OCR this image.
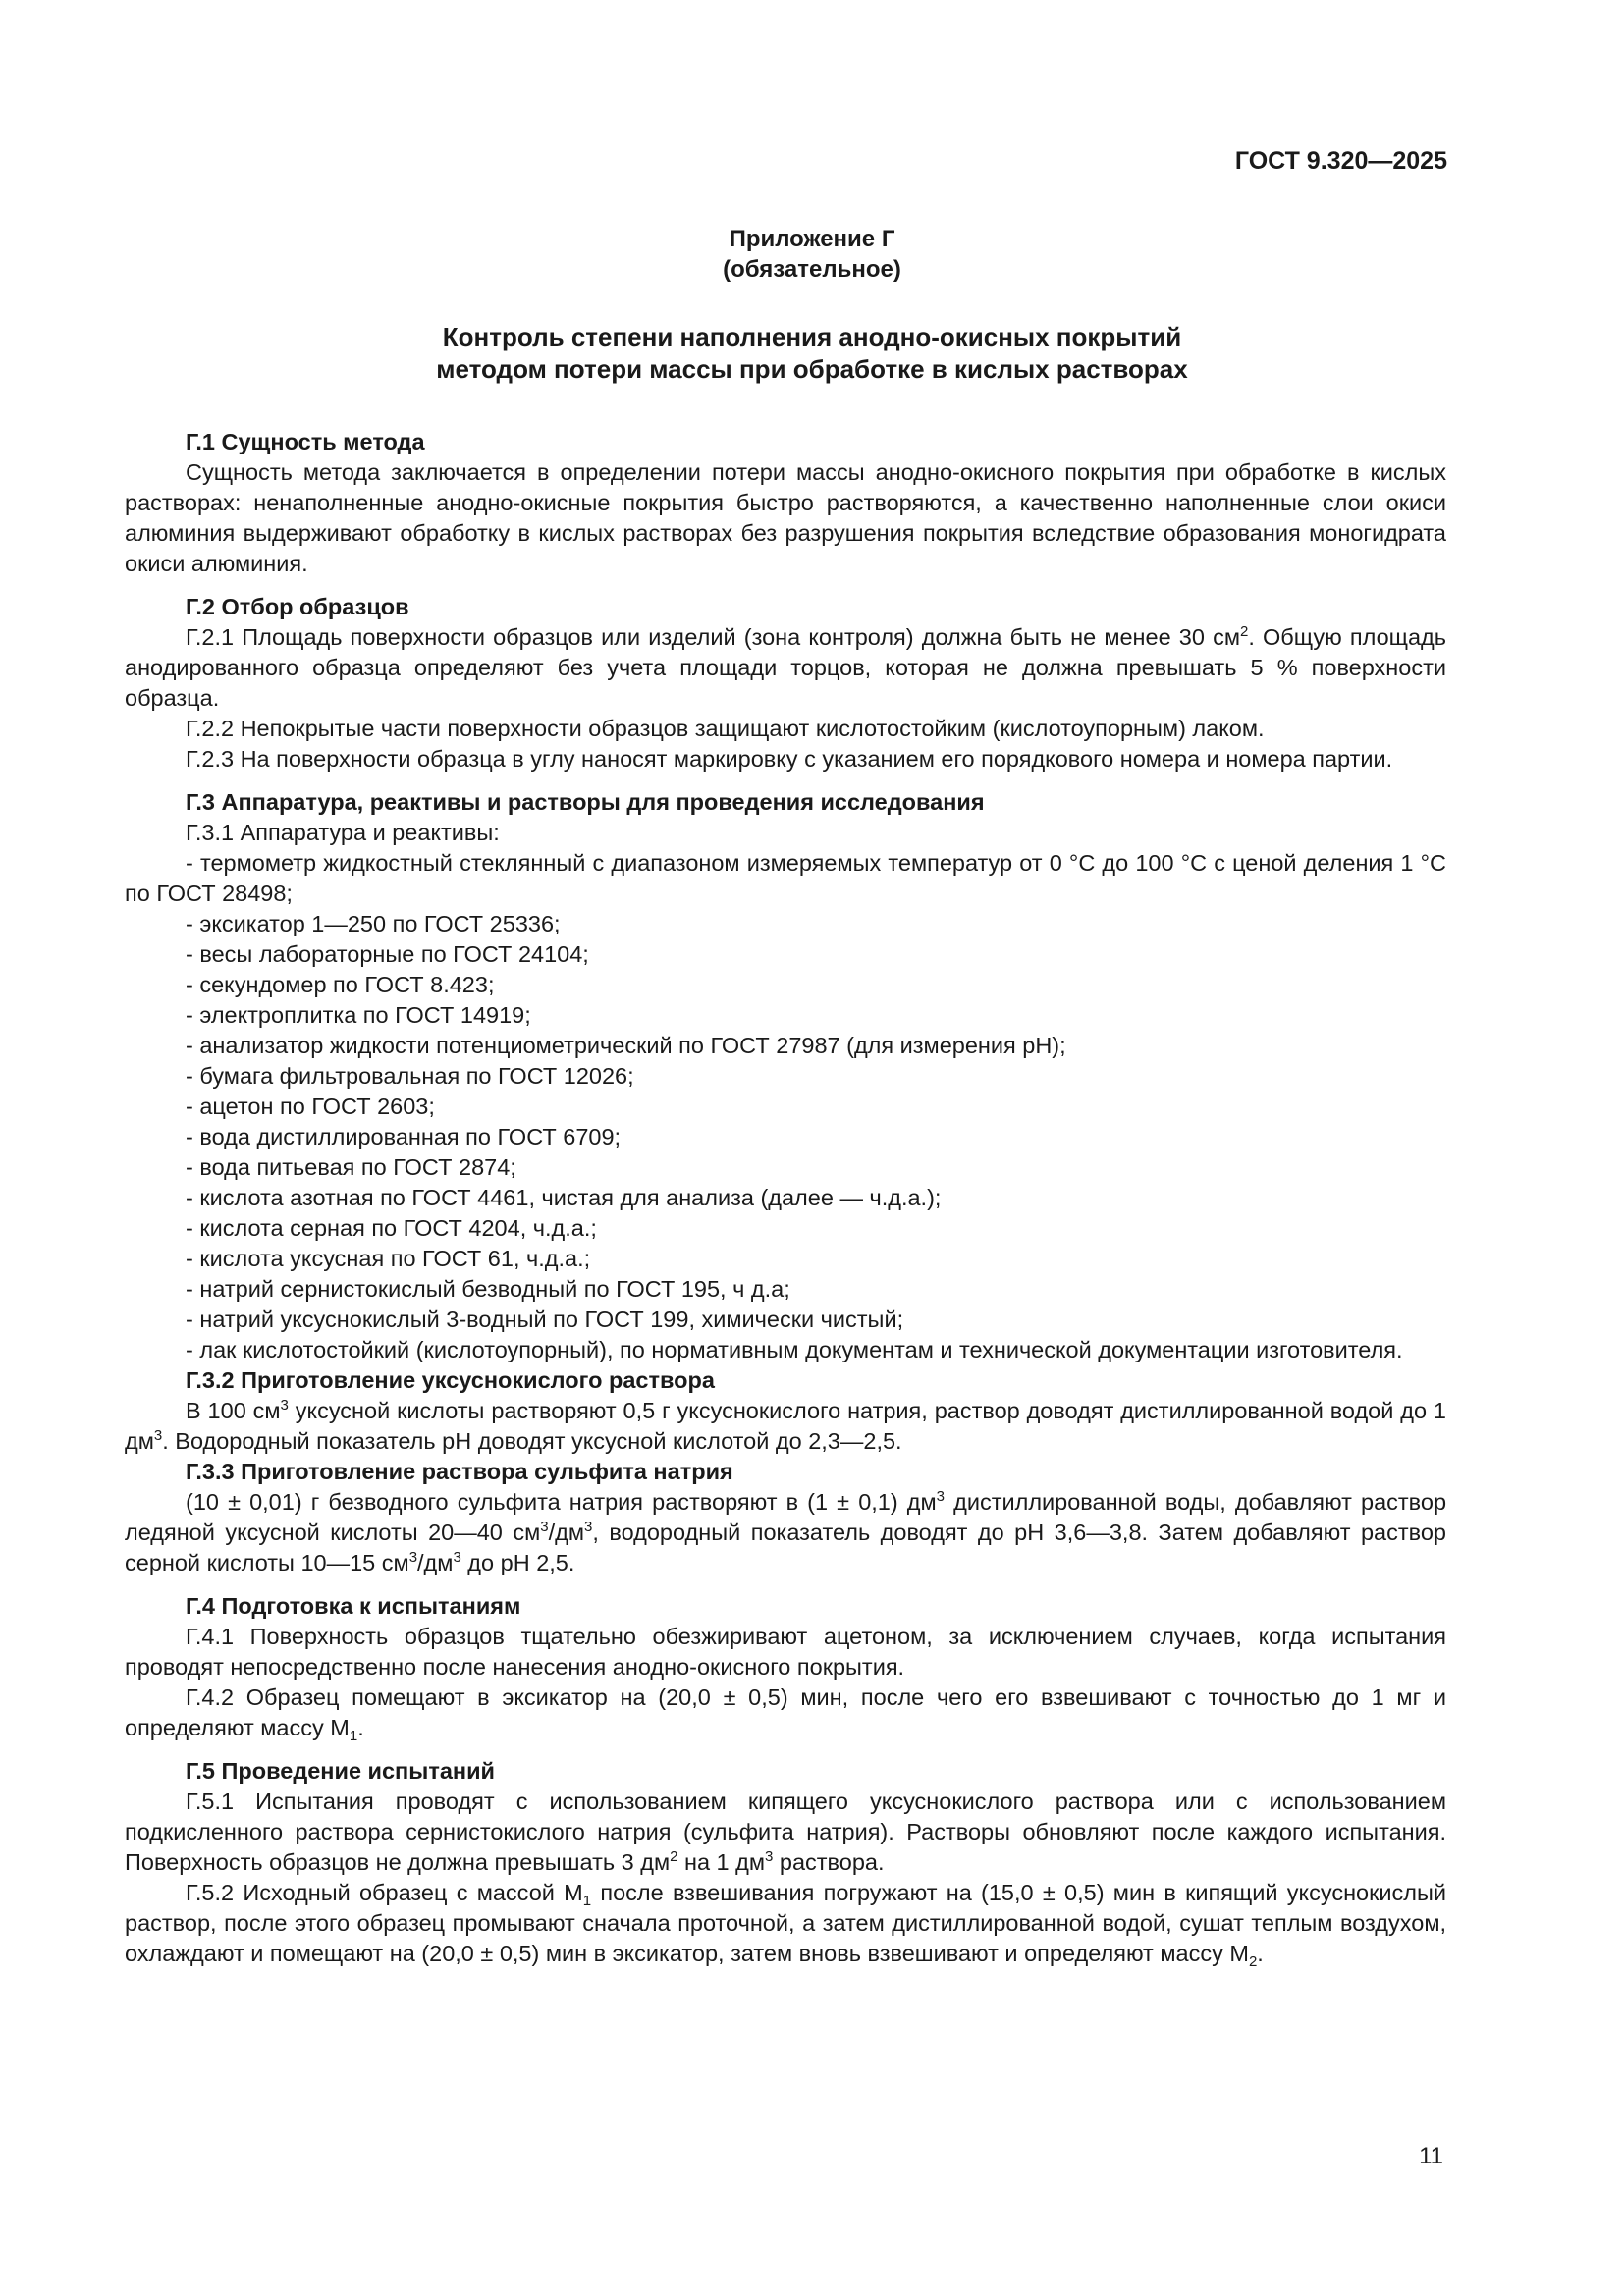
ГОСТ 9.320—2025
Приложение Г
(обязательное)
Контроль степени наполнения анодно-окисных покрытий
методом потери массы при обработке в кислых растворах
Г.1 Сущность метода

Сущность метода заключается в определении потери массы анодно-окисного покрытия при обработке в кислых растворах: ненаполненные анодно-окисные покрытия быстро растворяются, а качественно наполненные слои окиси алюминия выдерживают обработку в кислых растворах без разрушения покрытия вследствие образования моногидрата окиси алюминия.

Г.2 Отбор образцов

Г.2.1 Площадь поверхности образцов или изделий (зона контроля) должна быть не менее 30 $см^2$. Общую площадь анодированного образца определяют без учета площади торцов, которая не должна превышать 5 % поверхности образца.

Г.2.2 Непокрытые части поверхности образцов защищают кислотостойким (кислотоупорным) лаком.

Г.2.3 На поверхности образца в углу наносят маркировку с указанием его порядкового номера и номера партии.

Г.3 Аппаратура, реактивы и растворы для проведения исследования

Г.3.1 Аппаратура и реактивы:

- термометр жидкостный стеклянный с диапазоном измеряемых температур от 0 °С до 100 °С с ценой деления 1 °С по ГОСТ 28498;

- эксикатор 1—250 по ГОСТ 25336;

- весы лабораторные по ГОСТ 24104;

- секундомер по ГОСТ 8.423;

- электроплитка по ГОСТ 14919;

- анализатор жидкости потенциометрический по ГОСТ 27987 (для измерения pH);

- бумага фильтровальная по ГОСТ 12026;

- ацетон по ГОСТ 2603;

- вода дистиллированная по ГОСТ 6709;

- вода питьевая по ГОСТ 2874;

- кислота азотная по ГОСТ 4461, чистая для анализа (далее — ч.д.а.);

- кислота серная по ГОСТ 4204, ч.д.а.;

- кислота уксусная по ГОСТ 61, ч.д.а.;

- натрий сернистокислый безводный по ГОСТ 195, ч д.а;

- натрий уксуснокислый 3-водный по ГОСТ 199, химически чистый;

- лак кислотостойкий (кислотоупорный), по нормативным документам и технической документации изготовителя.

Г.3.2 Приготовление уксуснокислого раствора

В 100 $см^3$ уксусной кислоты растворяют 0,5 г уксуснокислого натрия, раствор доводят дистиллированной водой до 1 $дм^3$. Водородный показатель pH доводят уксусной кислотой до 2,3—2,5.

Г.3.3 Приготовление раствора сульфита натрия

(10 ± 0,01) г безводного сульфита натрия растворяют в (1 ± 0,1) $дм^3$ дистиллированной воды, добавляют раствор ледяной уксусной кислоты 20—40 $см^3/дм^3$, водородный показатель доводят до pH 3,6—3,8. Затем добавляют раствор серной кислоты 10—15 $см^3/дм^3$ до pH 2,5.

Г.4 Подготовка к испытаниям

Г.4.1 Поверхность образцов тщательно обезжиривают ацетоном, за исключением случаев, когда испытания проводят непосредственно после нанесения анодно-окисного покрытия.

Г.4.2 Образец помещают в эксикатор на (20,0 ± 0,5) мин, после чего его взвешивают с точностью до 1 мг и определяют массу $М_1$.

Г.5 Проведение испытаний

Г.5.1 Испытания проводят с использованием кипящего уксуснокислого раствора или с использованием подкисленного раствора сернистокислого натрия (сульфита натрия). Растворы обновляют после каждого испытания. Поверхность образцов не должна превышать 3 $дм^2$ на 1 $дм^3$ раствора.

Г.5.2 Исходный образец с массой $М_1$ после взвешивания погружают на (15,0 ± 0,5) мин в кипящий уксуснокислый раствор, после этого образец промывают сначала проточной, а затем дистиллированной водой, сушат теплым воздухом, охлаждают и помещают на (20,0 ± 0,5) мин в эксикатор, затем вновь взвешивают и определяют массу $М_2$.

11
